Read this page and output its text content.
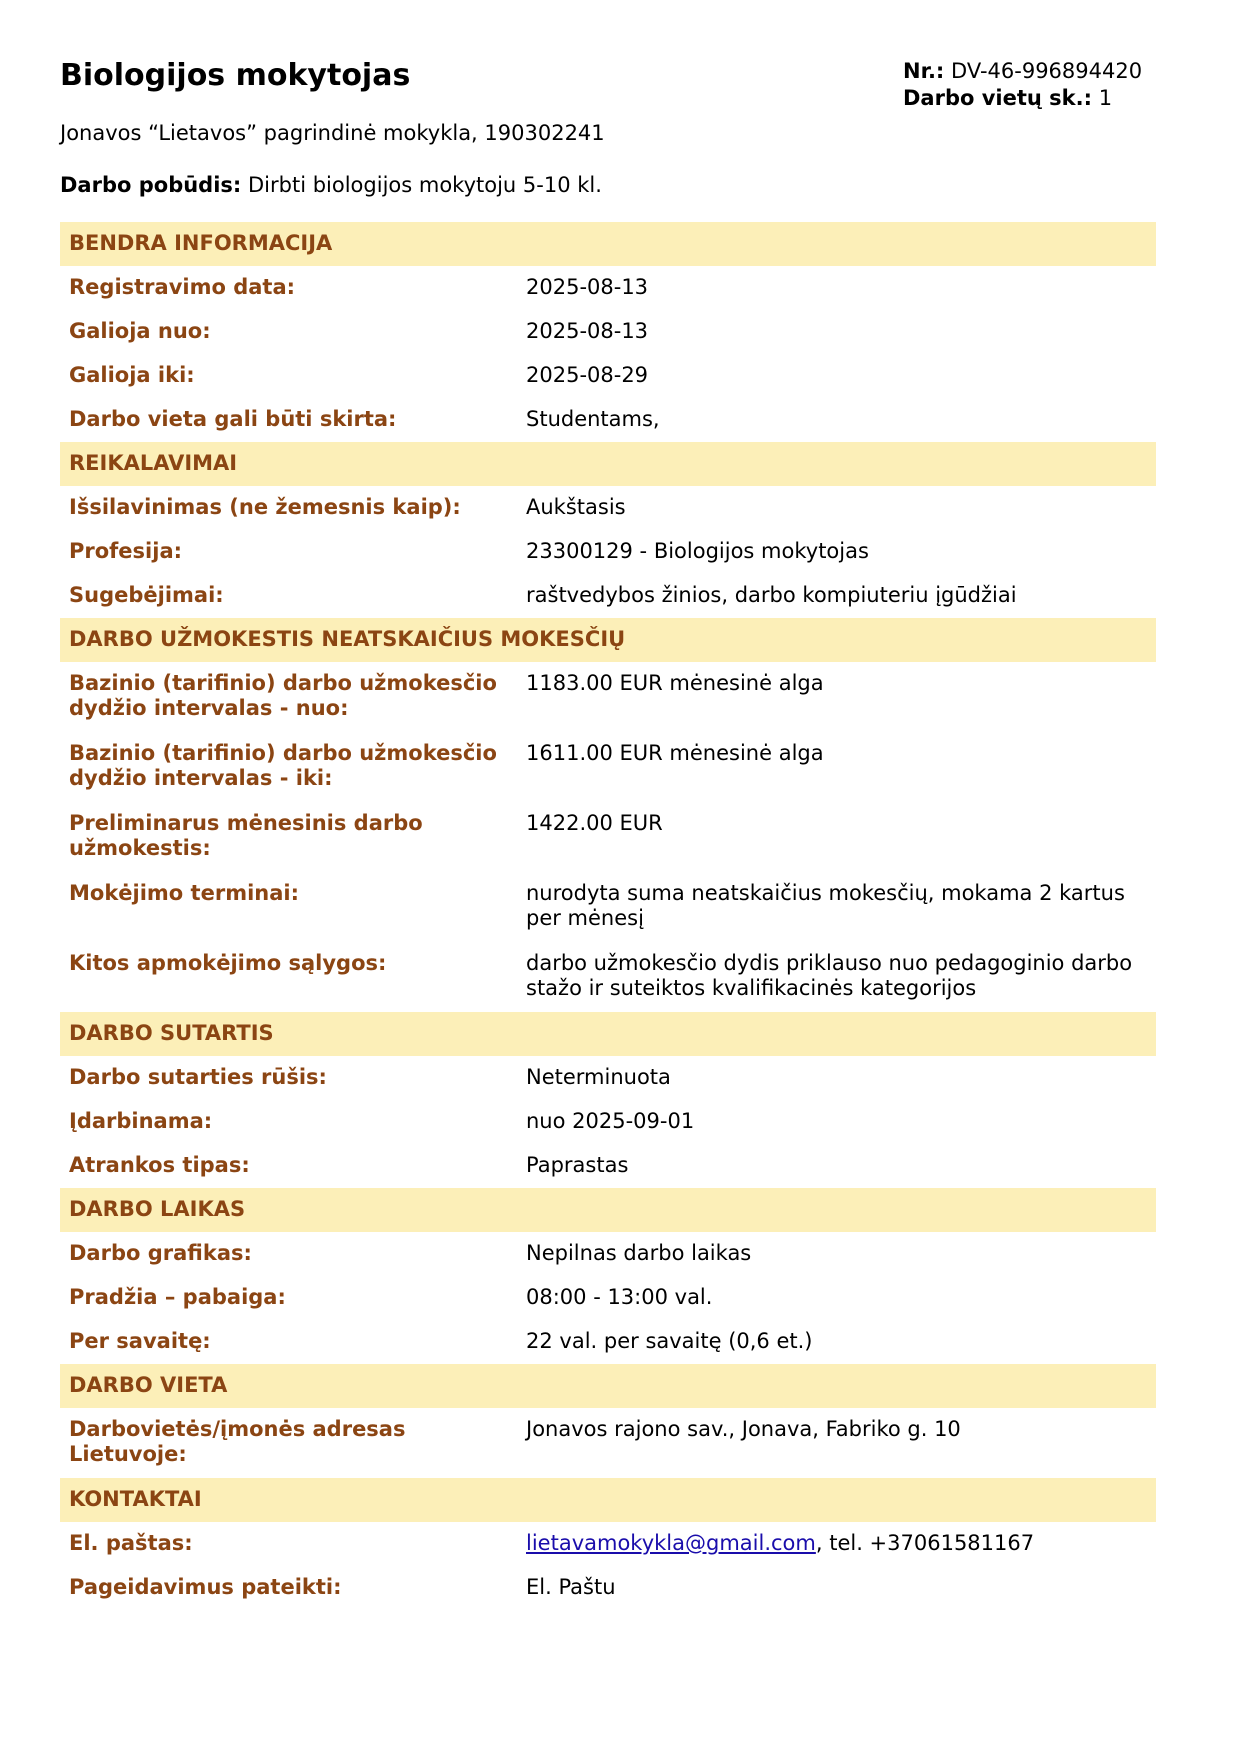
Biologijos mokytojas	Nr.: DV-46-996894420
Darbo vietų sk.: 1
Jonavos “Lietavos” pagrindinė mokykla, 190302241
Darbo pobūdis: Dirbti biologijos mokytoju 5-10 kl.
BENDRA INFORMACIJA
Registravimo data:	2025-08-13
Galioja nuo:	2025-08-13
Galioja iki:	2025-08-29
Darbo vieta gali būti skirta:	Studentams,
REIKALAVIMAI
Išsilavinimas (ne žemesnis kaip):	Aukštasis
Profesija:	23300129 - Biologijos mokytojas
Sugebėjimai:	raštvedybos žinios, darbo kompiuteriu įgūdžiai
DARBO UŽMOKESTIS NEATSKAIČIUS MOKESČIŲ
Bazinio (tarifinio) darbo užmokesčio dydžio intervalas - nuo:
1183.00 EUR mėnesinė alga
Bazinio (tarifinio) darbo užmokesčio dydžio intervalas - iki:
1611.00 EUR mėnesinė alga
Preliminarus mėnesinis darbo užmokestis:
1422.00 EUR
Mokėjimo terminai:	nurodyta suma neatskaičius mokesčių, mokama 2 kartus per mėnesį
Kitos apmokėjimo sąlygos:	darbo užmokesčio dydis priklauso nuo pedagoginio darbo stažo ir suteiktos kvalifikacinės kategorijos
DARBO SUTARTIS
Darbo sutarties rūšis:	Neterminuota
Įdarbinama:	nuo 2025-09-01
Atrankos tipas:	Paprastas
DARBO LAIKAS
Darbo grafikas:	Nepilnas darbo laikas
Pradžia – pabaiga:	08:00 - 13:00 val.
Per savaitę:	22 val. per savaitę (0,6 et.)
DARBO VIETA
Darbovietės/įmonės adresas Lietuvoje:
Jonavos rajono sav., Jonava, Fabriko g. 10
KONTAKTAI
El. paštas:	lietavamokykla@gmail.com, tel. +37061581167
Pageidavimus pateikti:	El. Paštu
